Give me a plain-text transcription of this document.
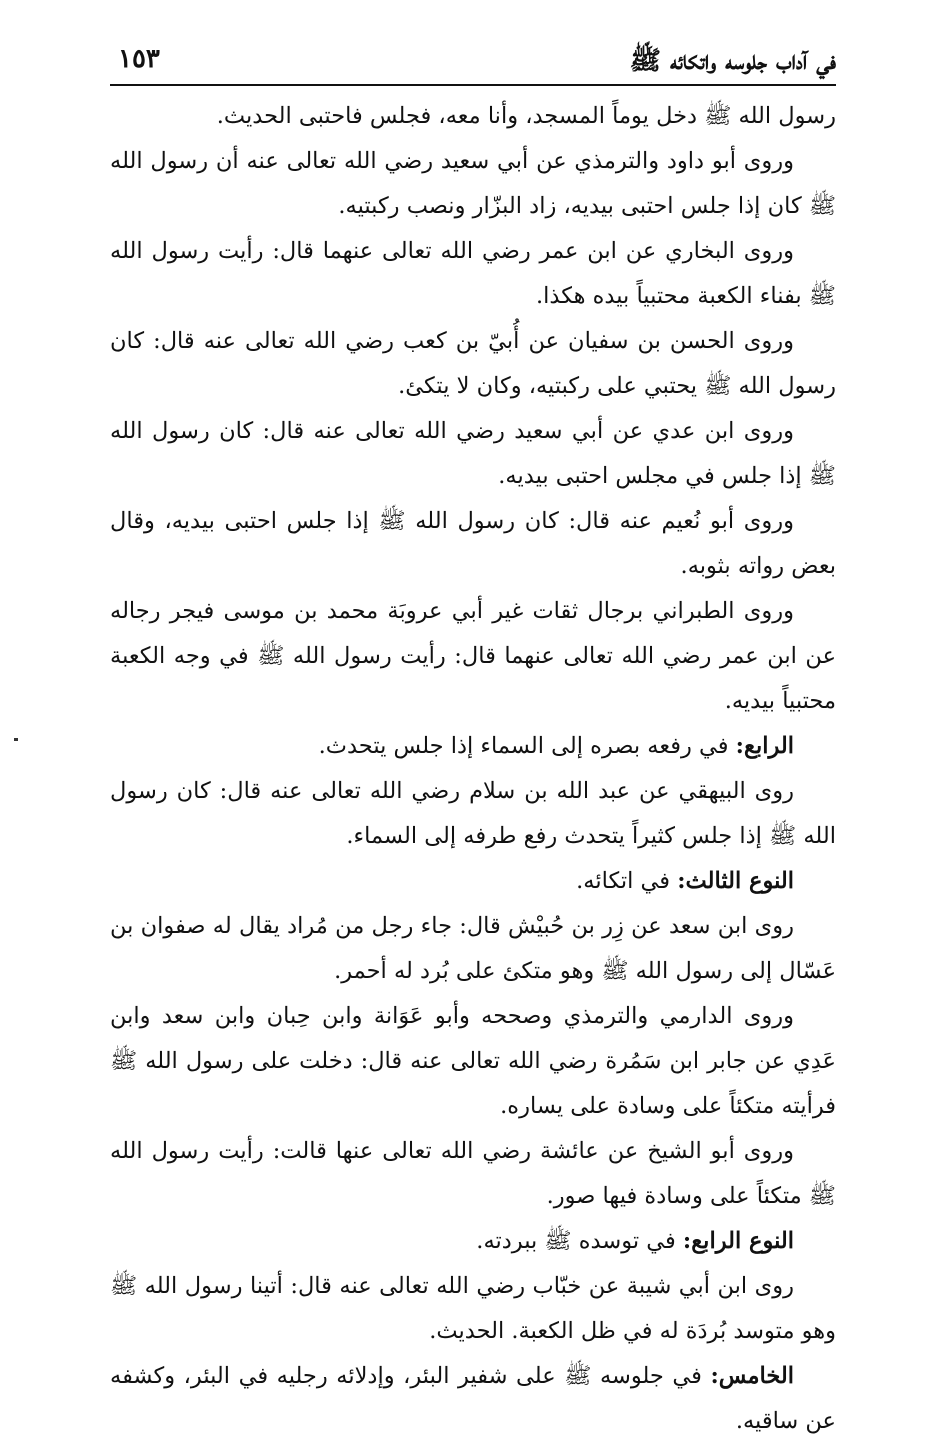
في آداب جلوسه واتكائه ﷺ
١٥٣

رسول الله ﷺ دخل يوماً المسجد، وأنا معه، فجلس فاحتبى الحديث.

وروى أبو داود والترمذي عن أبي سعيد رضي الله تعالى عنه أن رسول الله ﷺ كان إذا جلس احتبى بيديه، زاد البزّار ونصب ركبتيه.

وروى البخاري عن ابن عمر رضي الله تعالى عنهما قال: رأيت رسول الله ﷺ بفناء الكعبة محتبياً بيده هكذا.

وروى الحسن بن سفيان عن أُبيّ بن كعب رضي الله تعالى عنه قال: كان رسول الله ﷺ يحتبي على ركبتيه، وكان لا يتكئ.

وروى ابن عدي عن أبي سعيد رضي الله تعالى عنه قال: كان رسول الله ﷺ إذا جلس في مجلس احتبى بيديه.

وروى أبو نُعيم عنه قال: كان رسول الله ﷺ إذا جلس احتبى بيديه، وقال بعض رواته بثوبه.

وروى الطبراني برجال ثقات غير أبي عروبَة محمد بن موسى فيجر رجاله عن ابن عمر رضي الله تعالى عنهما قال: رأيت رسول الله ﷺ في وجه الكعبة محتبياً بيديه.

الرابع: في رفعه بصره إلى السماء إذا جلس يتحدث.

روى البيهقي عن عبد الله بن سلام رضي الله تعالى عنه قال: كان رسول الله ﷺ إذا جلس كثيراً يتحدث رفع طرفه إلى السماء.

النوع الثالث: في اتكائه.

روى ابن سعد عن زِر بن حُبيْش قال: جاء رجل من مُراد يقال له صفوان بن عَسّال إلى رسول الله ﷺ وهو متكئ على بُرد له أحمر.

وروى الدارمي والترمذي وصححه وأبو عَوَانة وابن حِبان وابن سعد وابن عَدِي عن جابر ابن سَمُرة رضي الله تعالى عنه قال: دخلت على رسول الله ﷺ فرأيته متكئاً على وسادة على يساره.

وروى أبو الشيخ عن عائشة رضي الله تعالى عنها قالت: رأيت رسول الله ﷺ متكئاً على وسادة فيها صور.

النوع الرابع: في توسده ﷺ ببردته.

روى ابن أبي شيبة عن خبّاب رضي الله تعالى عنه قال: أتينا رسول الله ﷺ وهو متوسد بُردَة له في ظل الكعبة. الحديث.

الخامس: في جلوسه ﷺ على شفير البئر، وإدلائه رجليه في البئر، وكشفه عن ساقيه.
